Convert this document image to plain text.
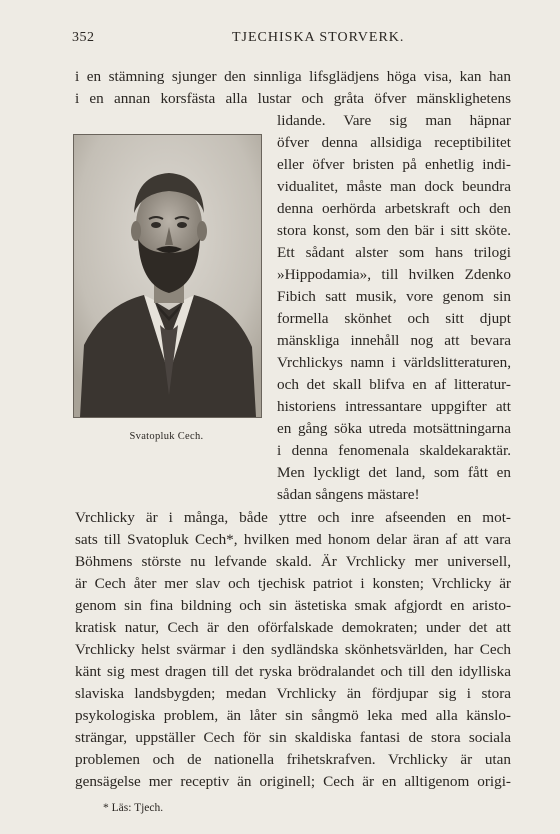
352	TJECHISKA STORVERK.
i en stämning sjunger den sinnliga lifsglädjens höga visa, kan han
i en annan korsfästa alla lustar och gråta öfver mänsklighetens
Svatopluk Cech.
lidande. Vare sig man häpnar
öfver denna allsidiga receptibilitet
eller öfver bristen på enhetlig indi-
vidualitet, måste man dock beundra
denna oerhörda arbetskraft och den
stora konst, som den bär i sitt sköte.
Ett sådant alster som hans trilogi
»Hippodamia», till hvilken Zdenko
Fibich satt musik, vore genom sin
formella skönhet och sitt djupt
mänskliga innehåll nog att bevara
Vrchlickys namn i världslitteraturen,
och det skall blifva en af litteratur-
historiens intressantare uppgifter att
en gång söka utreda motsättningarna
i denna fenomenala skaldekaraktär.
Men lyckligt det land, som fått en
sådan sångens mästare!
Vrchlicky är i många, både yttre och inre afseenden en mot-
sats till Svatopluk Cech*, hvilken med honom delar äran af att vara
Böhmens störste nu lefvande skald. Är Vrchlicky mer universell,
är Cech åter mer slav och tjechisk patriot i konsten; Vrchlicky är
genom sin fina bildning och sin ästetiska smak afgjordt en aristo-
kratisk natur, Cech är den oförfalskade demokraten; under det att
Vrchlicky helst svärmar i den sydländska skönhetsvärlden, har Cech
känt sig mest dragen till det ryska brödralandet och till den idylliska
slaviska landsbygden; medan Vrchlicky än fördjupar sig i stora
psykologiska problem, än låter sin sångmö leka med alla känslo-
strängar, uppställer Cech för sin skaldiska fantasi de stora sociala
problemen och de nationella frihetskrafven. Vrchlicky är utan
gensägelse mer receptiv än originell; Cech är en alltigenom origi-
* Läs: Tjech.
